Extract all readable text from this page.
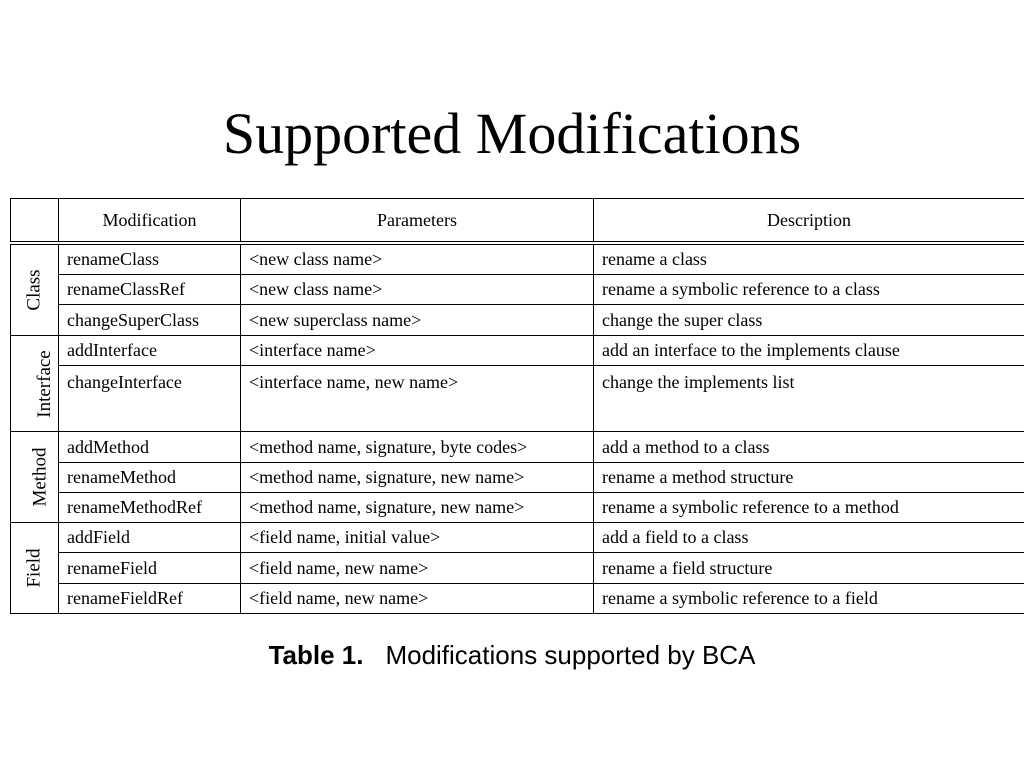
Supported Modifications
	Modification	Parameters	Description
Class	renameClass	<new class name>	rename a class
	renameClassRef	<new class name>	rename a symbolic reference to a class
	changeSuperClass	<new superclass name>	change the super class
Interface	addInterface	<interface name>	add an interface to the implements clause
	changeInterface	<interface name, new name>	change the implements list
Method	addMethod	<method name, signature, byte codes>	add a method to a class
	renameMethod	<method name, signature, new name>	rename a method structure
	renameMethodRef	<method name, signature, new name>	rename a symbolic reference to a method
Field	addField	<field name, initial value>	add a field to a class
	renameField	<field name, new name>	rename a field structure
	renameFieldRef	<field name, new name>	rename a symbolic reference to a field
Table 1. Modifications supported by BCA
